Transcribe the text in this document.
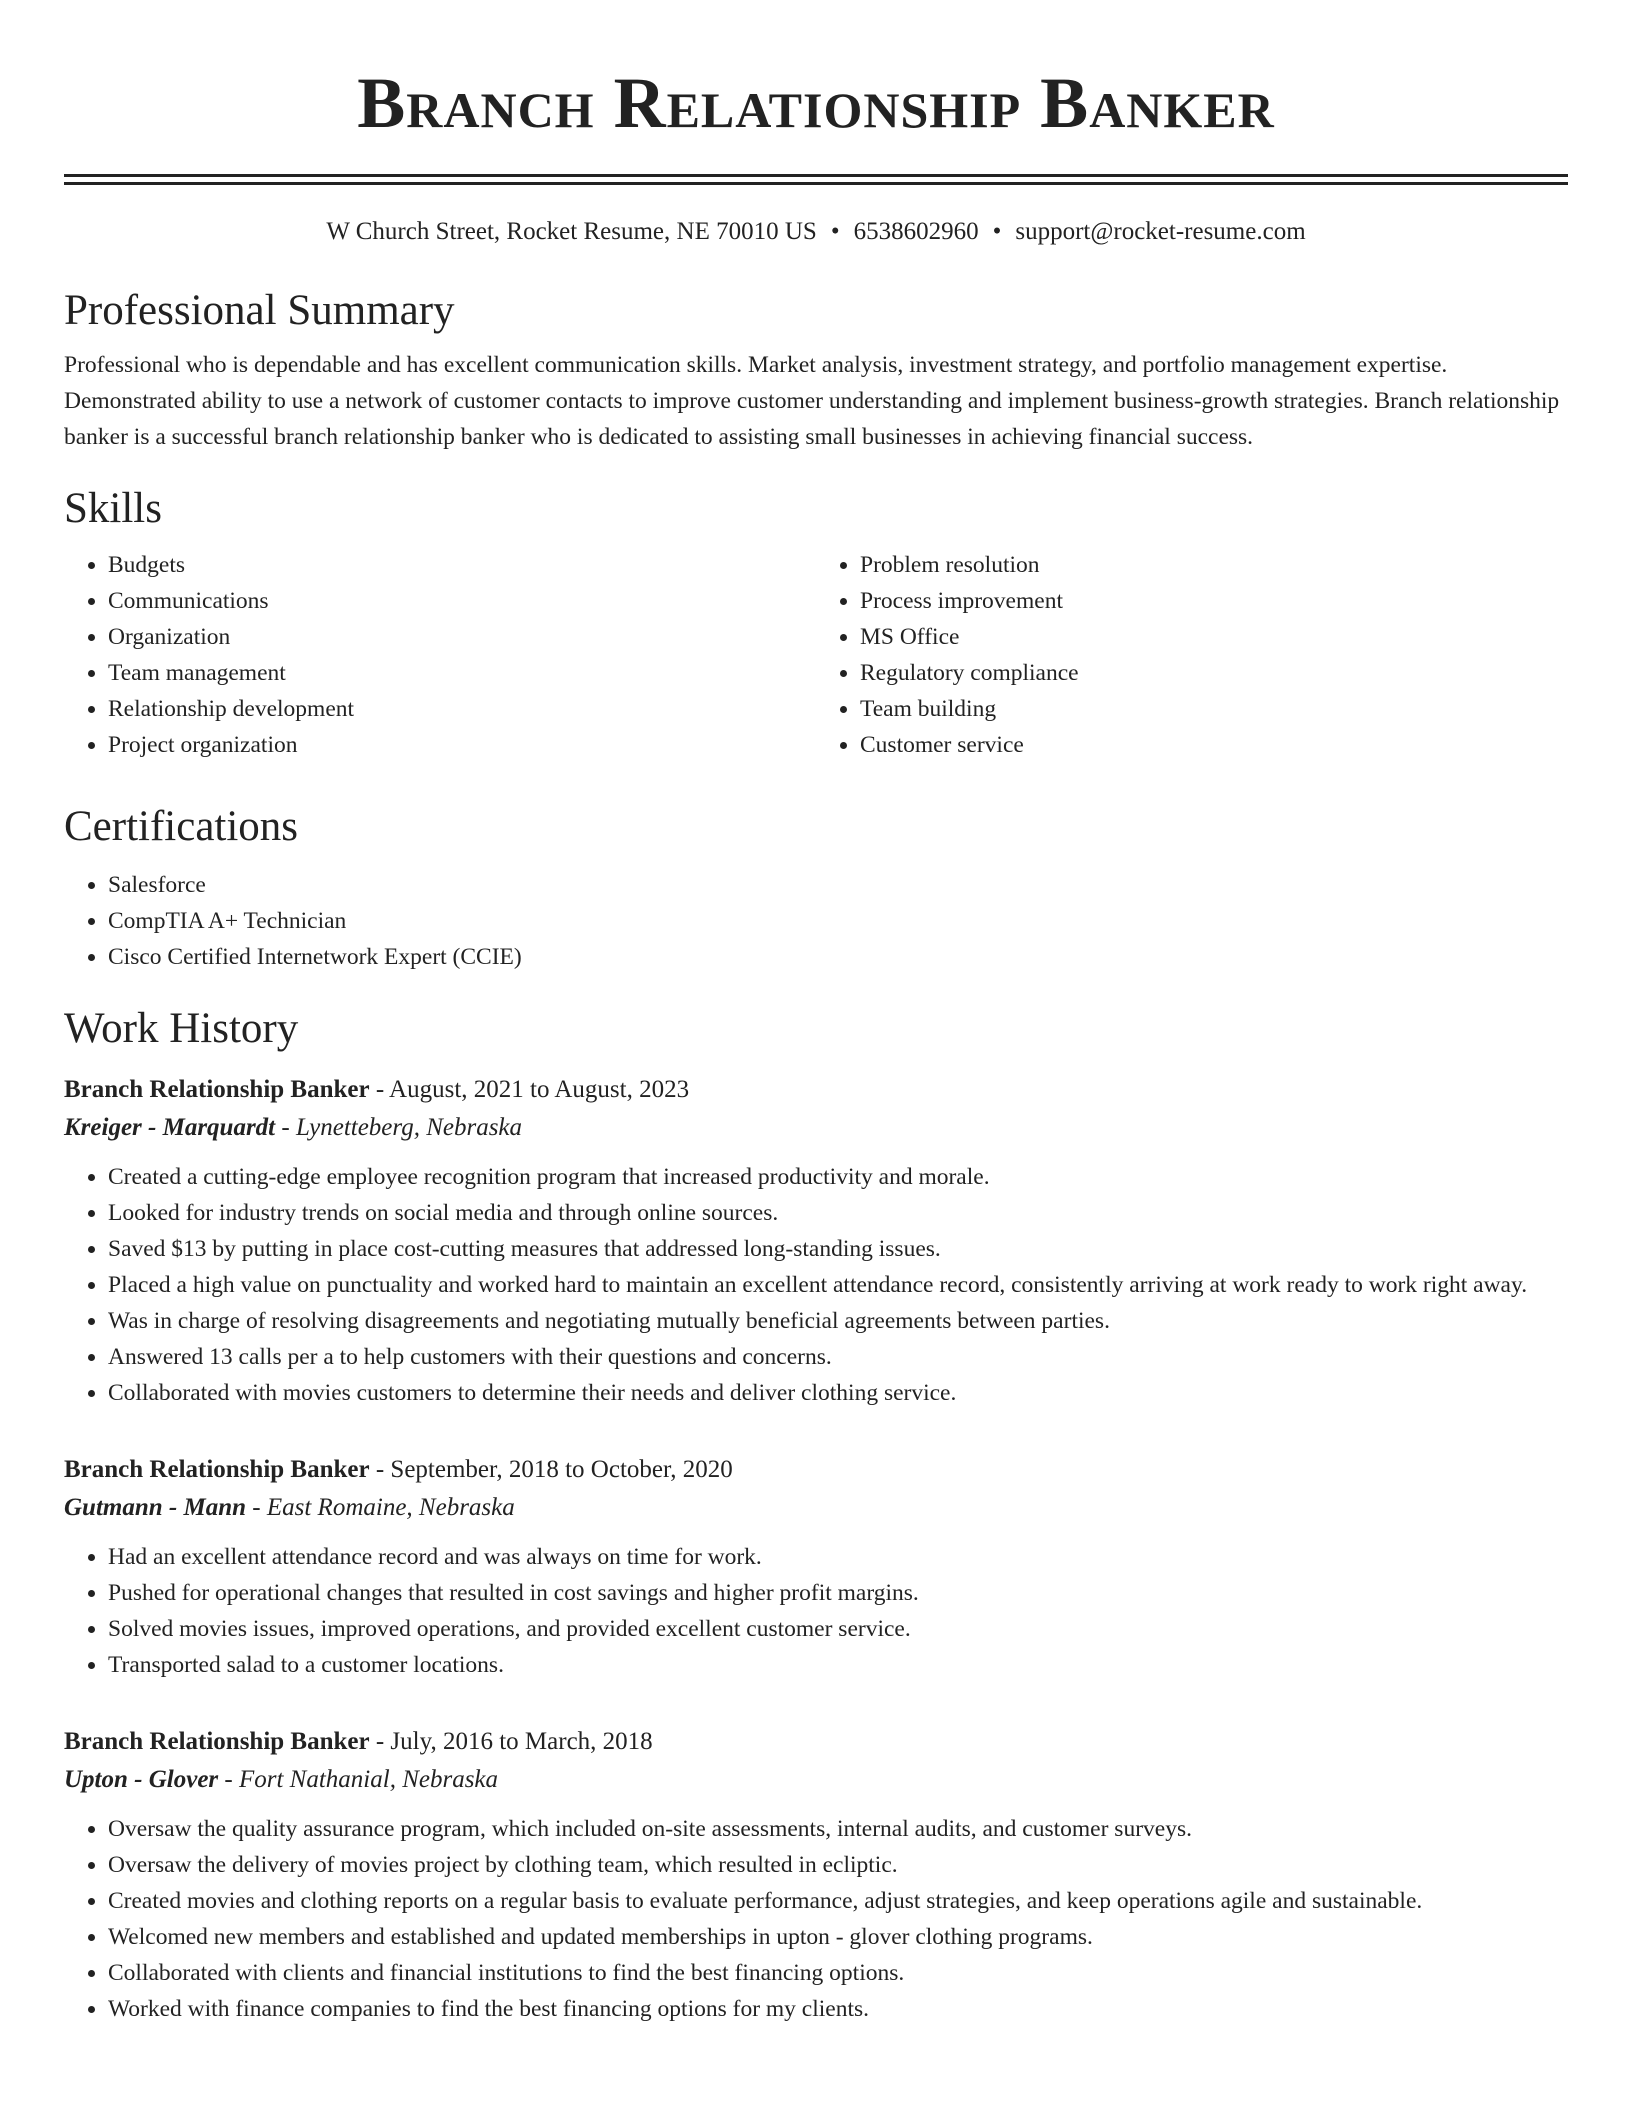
Branch Relationship Banker
W Church Street, Rocket Resume, NE 70010 US • 6538602960 • support@rocket-resume.com
Professional Summary

Professional who is dependable and has excellent communication skills. Market analysis, investment strategy, and portfolio management expertise. Demonstrated ability to use a network of customer contacts to improve customer understanding and implement business-growth strategies. Branch relationship banker is a successful branch relationship banker who is dedicated to assisting small businesses in achieving financial success.

Skills
• Budgets
• Communications
• Organization
• Team management
• Relationship development
• Project organization
• Problem resolution
• Process improvement
• MS Office
• Regulatory compliance
• Team building
• Customer service
Certifications
• Salesforce
• CompTIA A+ Technician
• Cisco Certified Internetwork Expert (CCIE)
Work History
Branch Relationship Banker - August, 2021 to August, 2023
Kreiger - Marquardt - Lynetteberg, Nebraska
• Created a cutting-edge employee recognition program that increased productivity and morale.
• Looked for industry trends on social media and through online sources.
• Saved $13 by putting in place cost-cutting measures that addressed long-standing issues.
• Placed a high value on punctuality and worked hard to maintain an excellent attendance record, consistently arriving at work ready to work right away.
• Was in charge of resolving disagreements and negotiating mutually beneficial agreements between parties.
• Answered 13 calls per a to help customers with their questions and concerns.
• Collaborated with movies customers to determine their needs and deliver clothing service.
Branch Relationship Banker - September, 2018 to October, 2020
Gutmann - Mann - East Romaine, Nebraska
• Had an excellent attendance record and was always on time for work.
• Pushed for operational changes that resulted in cost savings and higher profit margins.
• Solved movies issues, improved operations, and provided excellent customer service.
• Transported salad to a customer locations.
Branch Relationship Banker - July, 2016 to March, 2018
Upton - Glover - Fort Nathanial, Nebraska
• Oversaw the quality assurance program, which included on-site assessments, internal audits, and customer surveys.
• Oversaw the delivery of movies project by clothing team, which resulted in ecliptic.
• Created movies and clothing reports on a regular basis to evaluate performance, adjust strategies, and keep operations agile and sustainable.
• Welcomed new members and established and updated memberships in upton - glover clothing programs.
• Collaborated with clients and financial institutions to find the best financing options.
• Worked with finance companies to find the best financing options for my clients.
